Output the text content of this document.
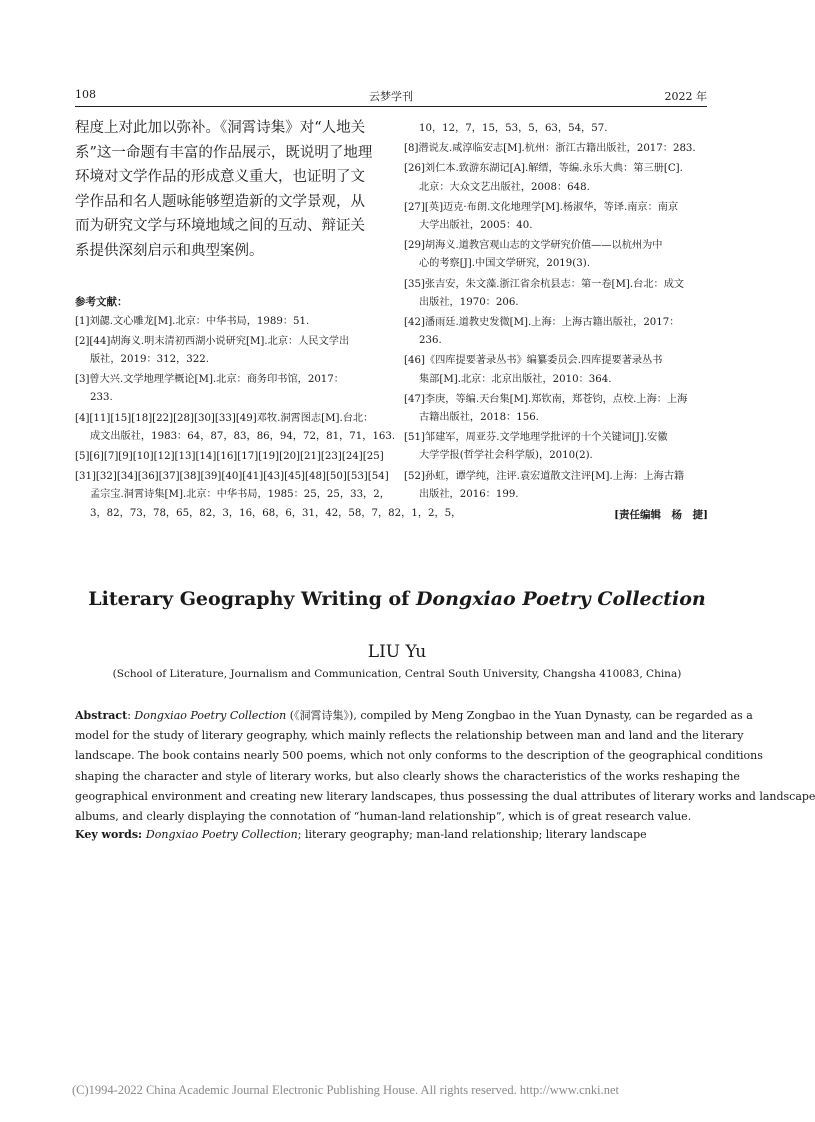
108	云梦学刊	2022 年
程度上对此加以弥补。《洞霄诗集》对“人地关
系”这一命题有丰富的作品展示，既说明了地理
环境对文学作品的形成意义重大，也证明了文
学作品和名人题咏能够塑造新的文学景观，从
而为研究文学与环境地域之间的互动、辩证关
系提供深刻启示和典型案例。

参考文献：

[1]刘勰.文心雕龙[M].北京：中华书局，1989：51.

[2][44]胡海义.明末清初西湖小说研究[M].北京：人民文学出
版社，2019：312，322.

[3]曾大兴.文学地理学概论[M].北京：商务印书馆，2017：
233.

[4][11][15][18][22][28][30][33][49]邓牧.洞霄图志[M].台北：
成文出版社，1983：64，87，83，86，94，72，81，71，163.

[5][6][7][9][10][12][13][14][16][17][19][20][21][23][24][25]

[31][32][34][36][37][38][39][40][41][43][45][48][50][53][54]
孟宗宝.洞霄诗集[M].北京：中华书局，1985：25，25，33，2，
3，82，73，78，65，82，3，16，68，6，31，42，58，7，82，1，2，5，

10，12，7，15，53，5，63，54，57.

[8]潜说友.咸淳临安志[M].杭州：浙江古籍出版社，2017：283.

[26]刘仁本.致游东湖记[A].解缙，等编.永乐大典：第三册[C].
北京：大众文艺出版社，2008：648.

[27][英]迈克·布朗.文化地理学[M].杨淑华，等译.南京：南京
大学出版社，2005：40.

[29]胡海义.道教宫观山志的文学研究价值——以杭州为中
心的考察[J].中国文学研究，2019(3).

[35]张吉安，朱文藻.浙江省余杭县志：第一卷[M].台北：成文
出版社，1970：206.

[42]潘雨廷.道教史发微[M].上海：上海古籍出版社，2017：
236.

[46]《四库提要著录丛书》编纂委员会.四库提要著录丛书
集部[M].北京：北京出版社，2010：364.

[47]李庚，等编.天台集[M].郑钦南，郑苍钧，点校.上海：上海
古籍出版社，2018：156.

[51]邹建军，周亚芬.文学地理学批评的十个关键词[J].安徽
大学学报(哲学社会科学版)，2010(2).

[52]孙虹，谭学纯，注评.袁宏道散文注评[M].上海：上海古籍
出版社，2016：199.

[责任编辑　杨　捷]
Literary Geography Writing of Dongxiao Poetry Collection
LIU Yu
(School of Literature, Journalism and Communication, Central South University, Changsha 410083, China)
Abstract: Dongxiao Poetry Collection (《洞霄诗集》), compiled by Meng Zongbao in the Yuan Dynasty, can be regarded as a
model for the study of literary geography, which mainly reflects the relationship between man and land and the literary
landscape. The book contains nearly 500 poems, which not only conforms to the description of the geographical conditions
shaping the character and style of literary works, but also clearly shows the characteristics of the works reshaping the
geographical environment and creating new literary landscapes, thus possessing the dual attributes of literary works and landscape
albums, and clearly displaying the connotation of “human-land relationship”, which is of great research value.
Key words: Dongxiao Poetry Collection; literary geography; man-land relationship; literary landscape
(C)1994-2022 China Academic Journal Electronic Publishing House. All rights reserved. http://www.cnki.net
